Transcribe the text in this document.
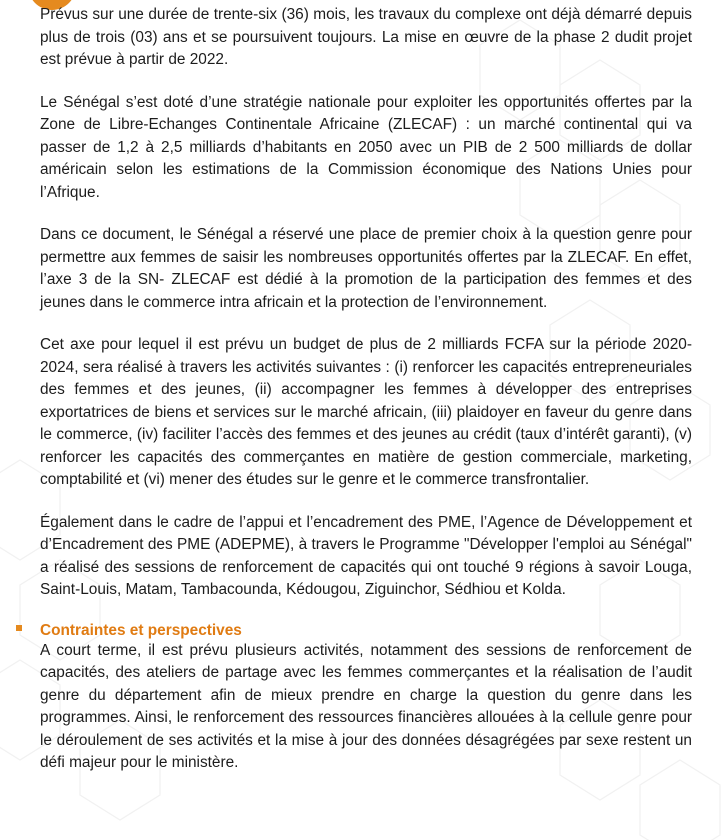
Prévus sur une durée de trente-six (36) mois, les travaux du complexe ont déjà démarré depuis plus de trois (03) ans et se poursuivent toujours. La mise en œuvre de la phase 2 dudit projet est prévue à partir de 2022.

Le Sénégal s’est doté d’une stratégie nationale pour exploiter les opportunités offertes par la Zone de Libre-Echanges Continentale Africaine (ZLECAF) : un marché continental qui va passer de 1,2 à 2,5 milliards d’habitants en 2050 avec un PIB de 2 500 milliards de dollar américain selon les estimations de la Commission économique des Nations Unies pour l’Afrique.

Dans ce document, le Sénégal a réservé une place de premier choix à la question genre pour permettre aux femmes de saisir les nombreuses opportunités offertes par la ZLECAF. En effet, l’axe 3 de la SN- ZLECAF est dédié à la promotion de la participation des femmes et des jeunes dans le commerce intra africain et la protection de l’environnement.

Cet axe pour lequel il est prévu un budget de plus de 2 milliards FCFA sur la période 2020-2024, sera réalisé à travers les activités suivantes : (i) renforcer les capacités entrepreneuriales des femmes et des jeunes, (ii) accompagner les femmes à développer des entreprises exportatrices de biens et services sur le marché africain, (iii) plaidoyer en faveur du genre dans le commerce, (iv) faciliter l’accès des femmes et des jeunes au crédit (taux d’intérêt garanti), (v) renforcer les capacités des commerçantes en matière de gestion commerciale, marketing, comptabilité et (vi) mener des études sur le genre et le commerce transfrontalier.

Également dans le cadre de l’appui et l’encadrement des PME, l’Agence de Développement et d’Encadrement des PME (ADEPME), à travers le Programme "Développer l'emploi au Sénégal" a réalisé des sessions de renforcement de capacités qui ont touché 9 régions à savoir Louga, Saint-Louis, Matam, Tambacounda, Kédougou, Ziguinchor, Sédhiou et Kolda.

Contraintes et perspectives

A court terme, il est prévu plusieurs activités, notamment des sessions de renforcement de capacités, des ateliers de partage avec les femmes commerçantes et la réalisation de l’audit genre du département afin de mieux prendre en charge la question du genre dans les programmes. Ainsi, le renforcement des ressources financières allouées à la cellule genre pour le déroulement de ses activités et la mise à jour des données désagrégées par sexe restent un défi majeur pour le ministère.
